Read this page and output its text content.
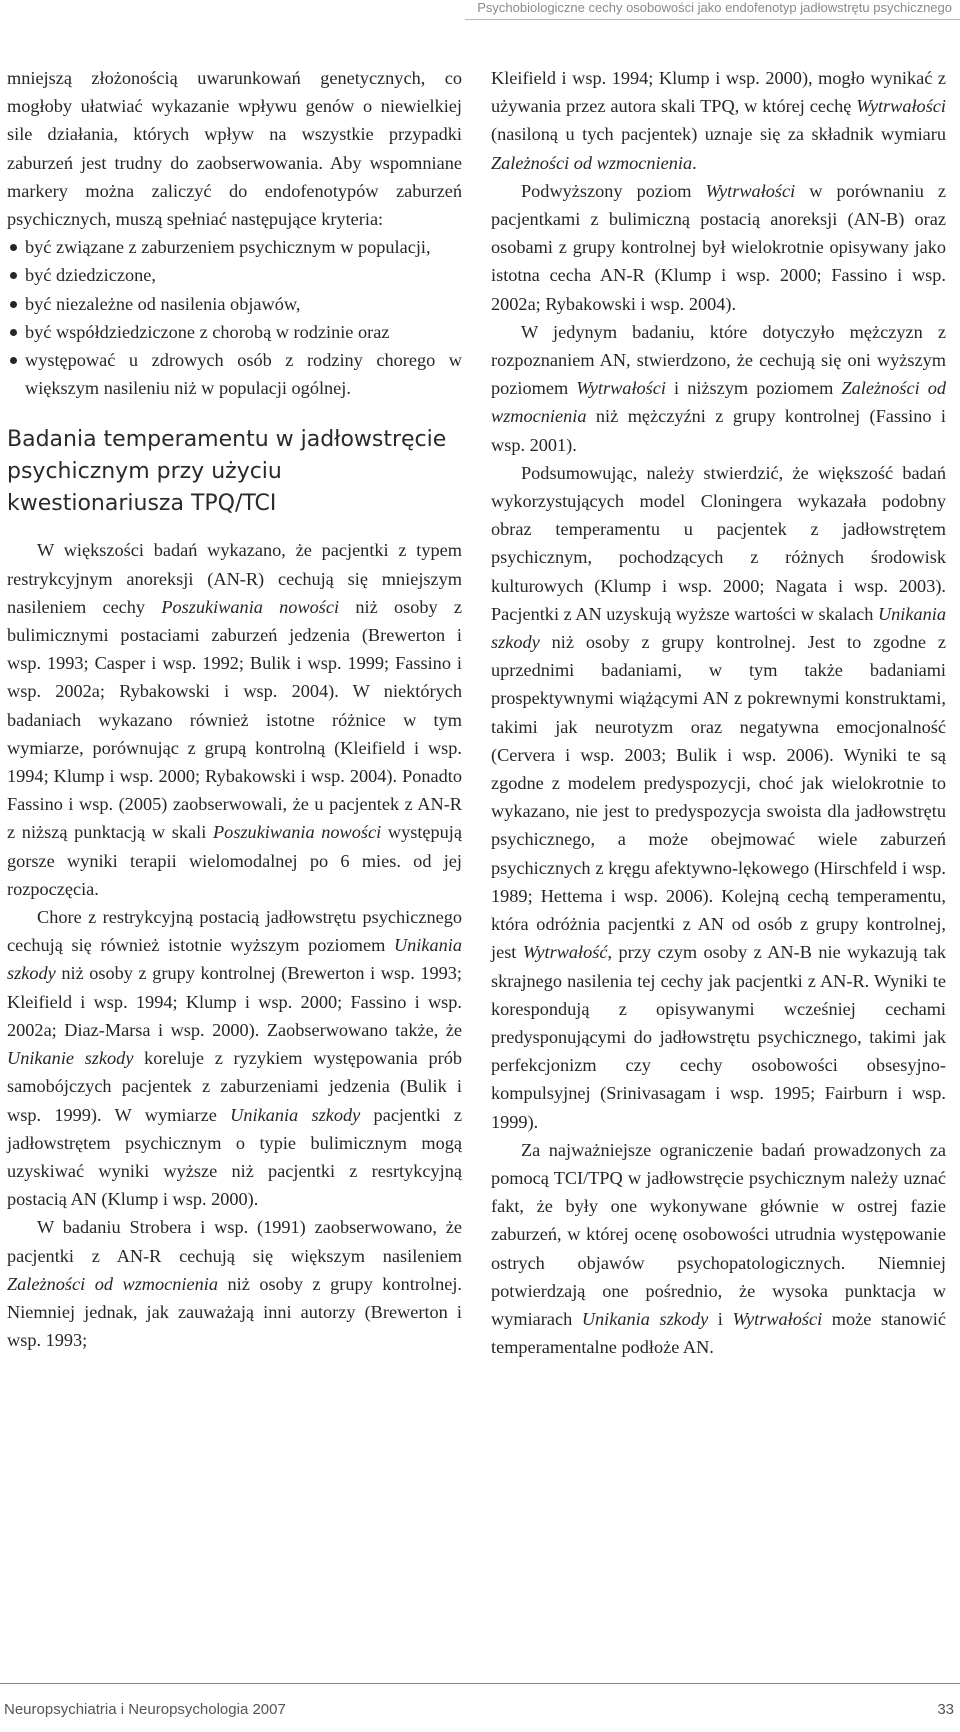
Psychobiologiczne cechy osobowości jako endofenotyp jadłowstrętu psychicznego

mniejszą złożonością uwarunkowań genetycznych, co mogłoby ułatwiać wykazanie wpływu genów o niewielkiej sile działania, których wpływ na wszystkie przypadki zaburzeń jest trudny do zaobserwowania. Aby wspomniane markery można zaliczyć do endofenotypów zaburzeń psychicznych, muszą spełniać następujące kryteria:

być związane z zaburzeniem psychicznym w populacji,
być dziedziczone,
być niezależne od nasilenia objawów,
być współdziedziczone z chorobą w rodzinie oraz
występować u zdrowych osób z rodziny chorego w większym nasileniu niż w populacji ogólnej.
Badania temperamentu w jadłowstręcie psychicznym przy użyciu kwestionariusza TPQ/TCI

W większości badań wykazano, że pacjentki z typem restrykcyjnym anoreksji (AN-R) cechują się mniejszym nasileniem cechy Poszukiwania nowości niż osoby z bulimicznymi postaciami zaburzeń jedzenia (Brewerton i wsp. 1993; Casper i wsp. 1992; Bulik i wsp. 1999; Fassino i wsp. 2002a; Rybakowski i wsp. 2004). W niektórych badaniach wykazano również istotne różnice w tym wymiarze, porównując z grupą kontrolną (Kleifield i wsp. 1994; Klump i wsp. 2000; Rybakowski i wsp. 2004). Ponadto Fassino i wsp. (2005) zaobserwowali, że u pacjentek z AN-R z niższą punktacją w skali Poszukiwania nowości występują gorsze wyniki terapii wielomodalnej po 6 mies. od jej rozpoczęcia.

Chore z restrykcyjną postacią jadłowstrętu psychicznego cechują się również istotnie wyższym poziomem Unikania szkody niż osoby z grupy kontrolnej (Brewerton i wsp. 1993; Kleifield i wsp. 1994; Klump i wsp. 2000; Fassino i wsp. 2002a; Diaz-Marsa i wsp. 2000). Zaobserwowano także, że Unikanie szkody koreluje z ryzykiem występowania prób samobójczych pacjentek z zaburzeniami jedzenia (Bulik i wsp. 1999). W wymiarze Unikania szkody pacjentki z jadłowstrętem psychicznym o typie bulimicznym mogą uzyskiwać wyniki wyższe niż pacjentki z resrtykcyjną postacią AN (Klump i wsp. 2000).

W badaniu Strobera i wsp. (1991) zaobserwowano, że pacjentki z AN-R cechują się większym nasileniem Zależności od wzmocnienia niż osoby z grupy kontrolnej. Niemniej jednak, jak zauważają inni autorzy (Brewerton i wsp. 1993;

Kleifield i wsp. 1994; Klump i wsp. 2000), mogło wynikać z używania przez autora skali TPQ, w której cechę Wytrwałości (nasiloną u tych pacjentek) uznaje się za składnik wymiaru Zależności od wzmocnienia.

Podwyższony poziom Wytrwałości w porównaniu z pacjentkami z bulimiczną postacią anoreksji (AN-B) oraz osobami z grupy kontrolnej był wielokrotnie opisywany jako istotna cecha AN-R (Klump i wsp. 2000; Fassino i wsp. 2002a; Rybakowski i wsp. 2004).

W jedynym badaniu, które dotyczyło mężczyzn z rozpoznaniem AN, stwierdzono, że cechują się oni wyższym poziomem Wytrwałości i niższym poziomem Zależności od wzmocnienia niż mężczyźni z grupy kontrolnej (Fassino i wsp. 2001).

Podsumowując, należy stwierdzić, że większość badań wykorzystujących model Cloningera wykazała podobny obraz temperamentu u pacjentek z jadłowstrętem psychicznym, pochodzących z różnych środowisk kulturowych (Klump i wsp. 2000; Nagata i wsp. 2003). Pacjentki z AN uzyskują wyższe wartości w skalach Unikania szkody niż osoby z grupy kontrolnej. Jest to zgodne z uprzednimi badaniami, w tym także badaniami prospektywnymi wiążącymi AN z pokrewnymi konstruktami, takimi jak neurotyzm oraz negatywna emocjonalność (Cervera i wsp. 2003; Bulik i wsp. 2006). Wyniki te są zgodne z modelem predyspozycji, choć jak wielokrotnie to wykazano, nie jest to predyspozycja swoista dla jadłowstrętu psychicznego, a może obejmować wiele zaburzeń psychicznych z kręgu afektywno-lękowego (Hirschfeld i wsp. 1989; Hettema i wsp. 2006). Kolejną cechą temperamentu, która odróżnia pacjentki z AN od osób z grupy kontrolnej, jest Wytrwałość, przy czym osoby z AN-B nie wykazują tak skrajnego nasilenia tej cechy jak pacjentki z AN-R. Wyniki te korespondują z opisywanymi wcześniej cechami predysponującymi do jadłowstrętu psychicznego, takimi jak perfekcjonizm czy cechy osobowości obsesyjno-kompulsyjnej (Srinivasagam i wsp. 1995; Fairburn i wsp. 1999).

Za najważniejsze ograniczenie badań prowadzonych za pomocą TCI/TPQ w jadłowstręcie psychicznym należy uznać fakt, że były one wykonywane głównie w ostrej fazie zaburzeń, w której ocenę osobowości utrudnia występowanie ostrych objawów psychopatologicznych. Niemniej potwierdzają one pośrednio, że wysoka punktacja w wymiarach Unikania szkody i Wytrwałości może stanowić temperamentalne podłoże AN.

Neuropsychiatria i Neuropsychologia 2007	33
